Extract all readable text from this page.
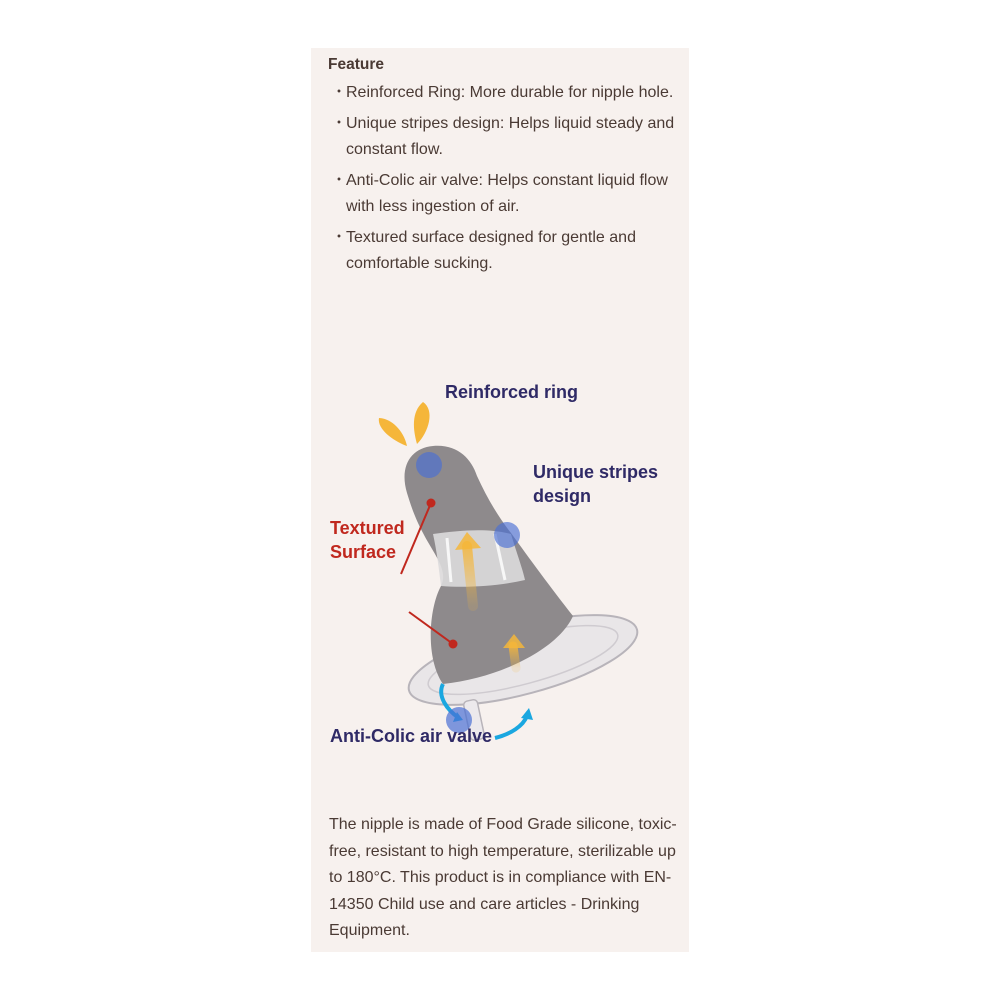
Feature
・
Reinforced Ring: More durable for nipple hole.
・
Unique stripes design: Helps liquid steady and constant flow.
・
Anti-Colic air valve: Helps constant liquid flow with less ingestion of air.
・
Textured surface designed for gentle and comfortable sucking.
Reinforced ring
Unique stripes
design
Textured
Surface
Anti-Colic air valve
The nipple is made of Food Grade silicone, toxic-free, resistant to high temperature, sterilizable up to 180°C. This product is in compliance with EN-14350 Child use and care articles - Drinking Equipment.
